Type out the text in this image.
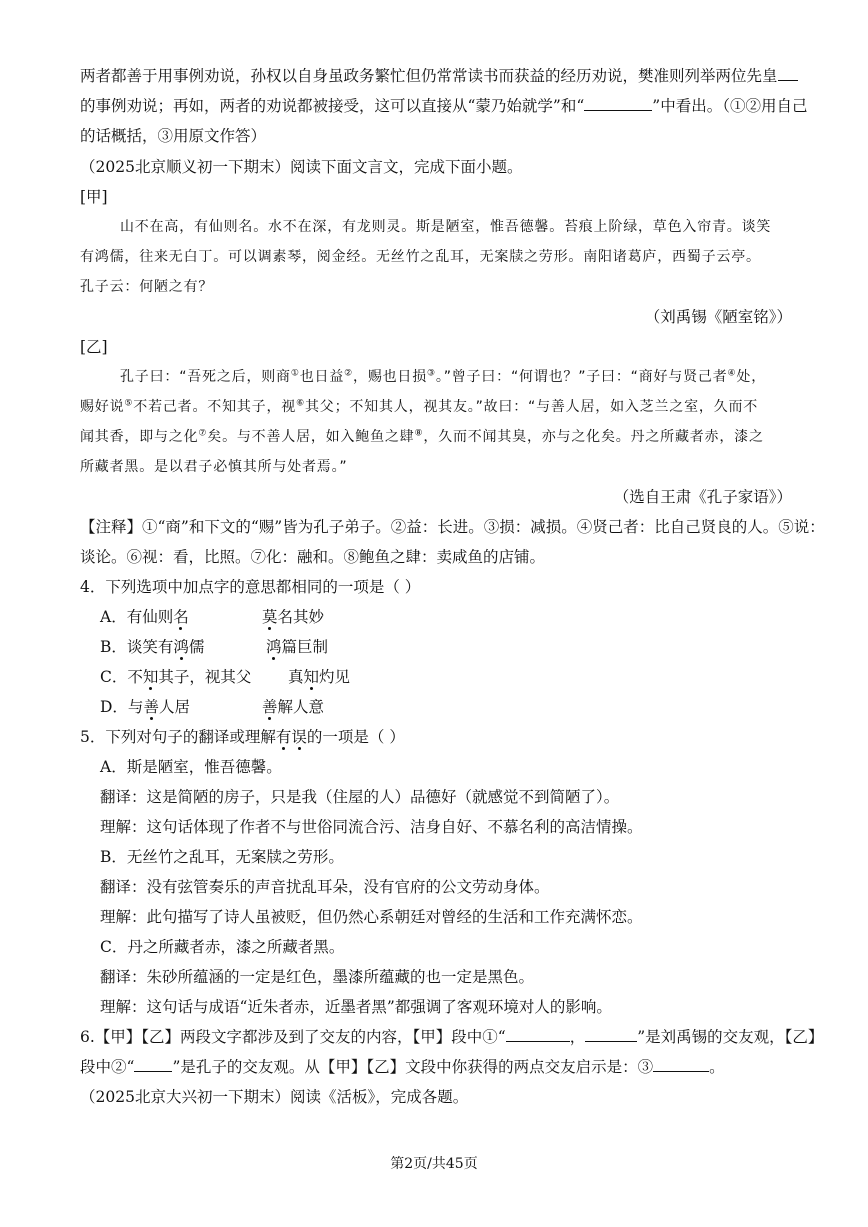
两者都善于用事例劝说，孙权以自身虽政务繁忙但仍常常读书而获益的经历劝说，樊准则列举两位先皇
的事例劝说；再如，两者的劝说都被接受，这可以直接从“蒙乃始就学”和“	”中看出。（①②用自己
的话概括，③用原文作答）
（2025北京顺义初一下期末）阅读下面文言文，完成下面小题。
[甲]
山不在高，有仙则名。水不在深，有龙则灵。斯是陋室，惟吾德馨。苔痕上阶绿，草色入帘青。谈笑
有鸿儒，往来无白丁。可以调素琴，阅金经。无丝竹之乱耳，无案牍之劳形。南阳诸葛庐，西蜀子云亭。
孔子云：何陋之有？
（刘禹锡《陋室铭》）
[乙]
孔子曰：“吾死之后，则商①也日益②，赐也日损③。”曾子曰：“何谓也？”子曰：“商好与贤己者④处，
赐好说⑤不若己者。不知其子，视⑥其父；不知其人，视其友。”故曰：“与善人居，如入芝兰之室，久而不
闻其香，即与之化⑦矣。与不善人居，如入鲍鱼之肆⑧，久而不闻其臭，亦与之化矣。丹之所藏者赤，漆之
所藏者黑。是以君子必慎其所与处者焉。”
（选自王肃《孔子家语》）
【注释】①“商”和下文的“赐”皆为孔子弟子。②益：长进。③损：减损。④贤己者：比自己贤良的人。⑤说：
谈论。⑥视：看，比照。⑦化：融和。⑧鲍鱼之肆：卖咸鱼的店铺。
4．下列选项中加点字的意思都相同的一项是（ ）
A．有仙则名	莫名其妙
B．谈笑有鸿儒	鸿篇巨制
C．不知其子，视其父 真知灼见
D．与善人居	善解人意
5．下列对句子的翻译或理解有误的一项是（ ）
A．斯是陋室，惟吾德馨。
翻译：这是简陋的房子，只是我（住屋的人）品德好（就感觉不到简陋了）。
理解：这句话体现了作者不与世俗同流合污、洁身自好、不慕名利的高洁情操。
B．无丝竹之乱耳，无案牍之劳形。
翻译：没有弦管奏乐的声音扰乱耳朵，没有官府的公文劳动身体。
理解：此句描写了诗人虽被贬，但仍然心系朝廷对曾经的生活和工作充满怀恋。
C．丹之所藏者赤，漆之所藏者黑。
翻译：朱砂所蕴涵的一定是红色，墨漆所蕴藏的也一定是黑色。
理解：这句话与成语“近朱者赤，近墨者黑”都强调了客观环境对人的影响。
6.【甲】【乙】两段文字都涉及到了交友的内容，【甲】段中①“	，	”是刘禹锡的交友观，【乙】
段中②“ ”是孔子的交友观。从【甲】【乙】文段中你获得的两点交友启示是：③	。
（2025北京大兴初一下期末）阅读《活板》，完成各题。
第2页/共45页
